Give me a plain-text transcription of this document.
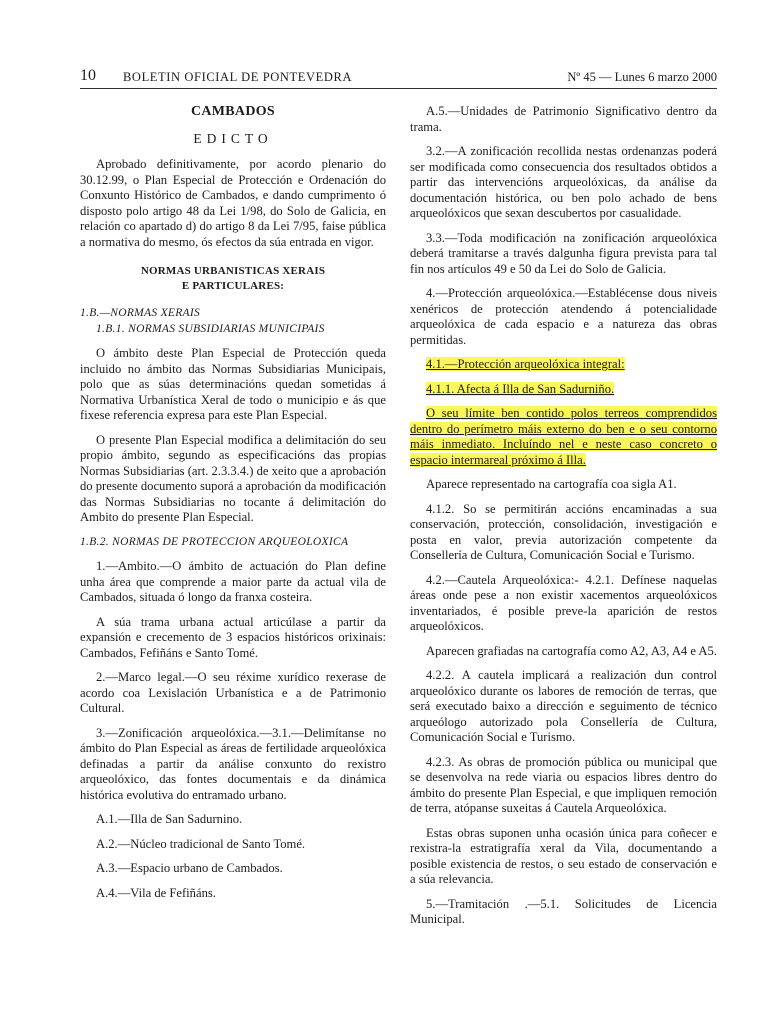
10 BOLETIN OFICIAL DE PONTEVEDRA	Nº 45 — Lunes 6 marzo 2000
CAMBADOS
EDICTO

Aprobado definitivamente, por acordo plenario do 30.12.99, o Plan Especial de Protección e Ordenación do Conxunto Histórico de Cambados, e dando cumprimento ó disposto polo artigo 48 da Lei 1/98, do Solo de Galicia, en relación co apartado d) do artigo 8 da Lei 7/95, faise pública a normativa do mesmo, ós efectos da súa entrada en vigor.

NORMAS URBANISTICAS XERAIS
E PARTICULARES:

1.B.—NORMAS XERAIS

1.B.1. NORMAS SUBSIDIARIAS MUNICIPAIS

O ámbito deste Plan Especial de Protección queda incluido no ámbito das Normas Subsidiarias Municipais, polo que as súas determinacións quedan sometidas á Normativa Urbanística Xeral de todo o municipio e ás que fixese referencia expresa para este Plan Especial.

O presente Plan Especial modifica a delimitación do seu propio ámbito, segundo as especificacións das propias Normas Subsidiarias (art. 2.3.3.4.) de xeito que a aprobación do presente documento suporá a aprobación da modificación das Normas Subsidiarias no tocante á delimitación do Ambito do presente Plan Especial.

1.B.2. NORMAS DE PROTECCION ARQUEOLOXICA

1.—Ambito.—O ámbito de actuación do Plan define unha área que comprende a maior parte da actual vila de Cambados, situada ó longo da franxa costeira.

A súa trama urbana actual articúlase a partir da expansión e crecemento de 3 espacios históricos orixinais: Cambados, Fefiñáns e Santo Tomé.

2.—Marco legal.—O seu réxime xurídico rexerase de acordo coa Lexislación Urbanística e a de Patrimonio Cultural.

3.—Zonificación arqueolóxica.—3.1.—Delimítanse no ámbito do Plan Especial as áreas de fertilidade arqueolóxica definadas a partir da análise conxunto do rexistro arqueolóxico, das fontes documentais e da dinámica histórica evolutiva do entramado urbano.

A.1.—Illa de San Sadurnino.

A.2.—Núcleo tradicional de Santo Tomé.

A.3.—Espacio urbano de Cambados.

A.4.—Vila de Fefiñáns.

A.5.—Unidades de Patrimonio Significativo dentro da trama.

3.2.—A zonificación recollida nestas ordenanzas poderá ser modificada como consecuencia dos resultados obtidos a partir das intervencións arqueolóxicas, da análise da documentación histórica, ou ben polo achado de bens arqueolóxicos que sexan descubertos por casualidade.

3.3.—Toda modificación na zonificación arqueolóxica deberá tramitarse a través dalgunha figura prevista para tal fin nos artículos 49 e 50 da Lei do Solo de Galicia.

4.—Protección arqueolóxica.—Establécense dous niveis xenéricos de protección atendendo á potencialidade arqueolóxica de cada espacio e a natureza das obras permitidas.

4.1.—Protección arqueolóxica integral:

4.1.1. Afecta á Illa de San Sadurniño.

O seu límite ben contido polos terreos comprendidos dentro do perímetro máis externo do ben e o seu contorno máis inmediato. Incluíndo nel e neste caso concreto o espacio intermareal próximo á Illa.

Aparece representado na cartografía coa sigla A1.

4.1.2. So se permitirán accións encaminadas a sua conservación, protección, consolidación, investigación e posta en valor, previa autorización competente da Consellería de Cultura, Comunicación Social e Turismo.

4.2.—Cautela Arqueolóxica:- 4.2.1. Defínese naquelas áreas onde pese a non existir xacementos arqueolóxicos inventariados, é posible preve-la aparición de restos arqueolóxicos.

Aparecen grafiadas na cartografía como A2, A3, A4 e A5.

4.2.2. A cautela implicará a realización dun control arqueolóxico durante os labores de remoción de terras, que será executado baixo a dirección e seguimento de técnico arqueólogo autorizado pola Consellería de Cultura, Comunicación Social e Turismo.

4.2.3. As obras de promoción pública ou municipal que se desenvolva na rede viaria ou espacios libres dentro do ámbito do presente Plan Especial, e que impliquen remoción de terra, atópanse suxeitas á Cautela Arqueolóxica.

Estas obras suponen unha ocasión única para coñecer e rexistra-la estratigrafía xeral da Vila, documentando a posible existencia de restos, o seu estado de conservación e a súa relevancia.

5.—Tramitación .—5.1. Solicitudes de Licencia Municipal.
